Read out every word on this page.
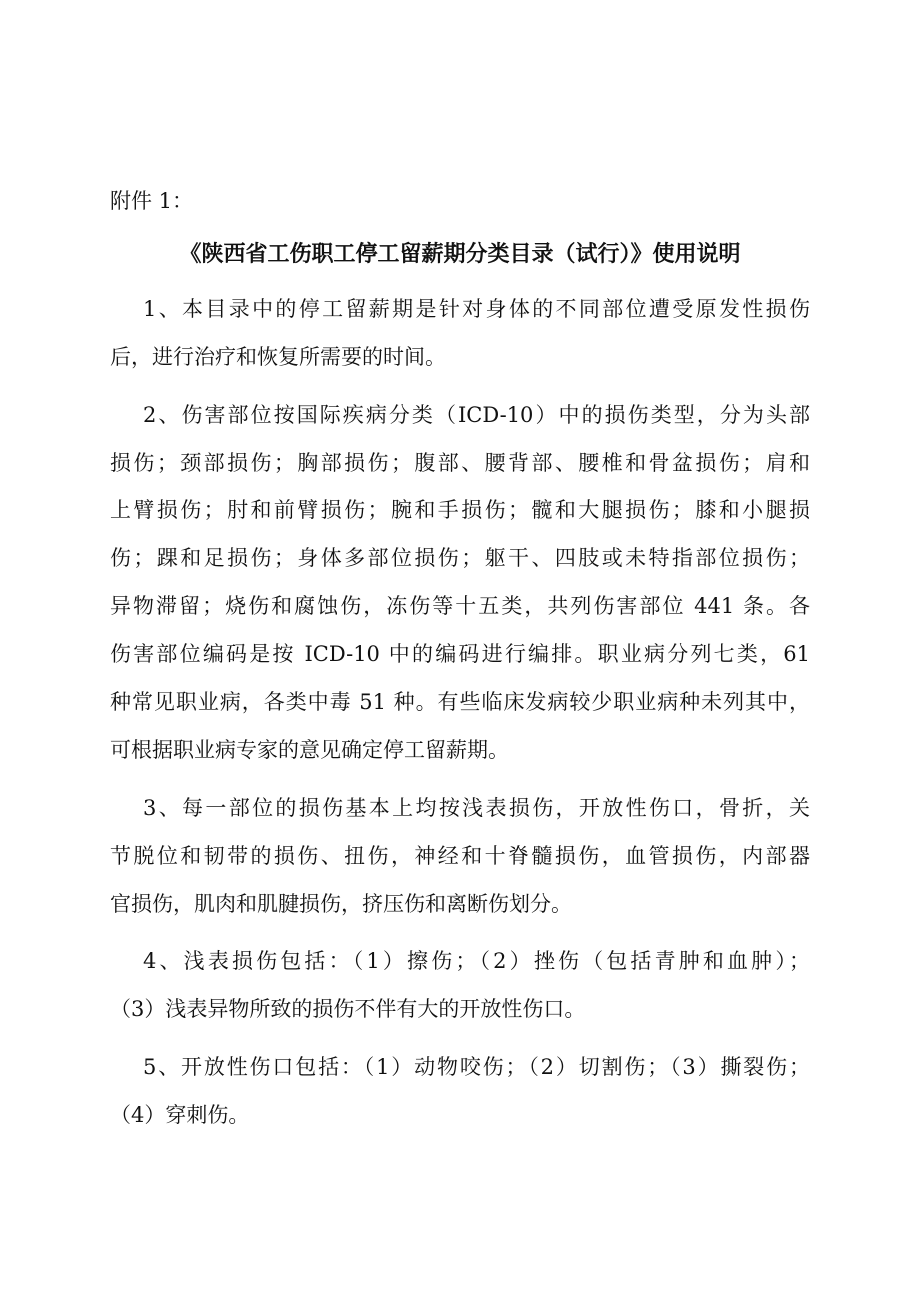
附件 1：
《陕西省工伤职工停工留薪期分类目录（试行）》使用说明
1、本目录中的停工留薪期是针对身体的不同部位遭受原发性损伤
后，进行治疗和恢复所需要的时间。
2、伤害部位按国际疾病分类（ICD-10）中的损伤类型，分为头部
损伤；颈部损伤；胸部损伤；腹部、腰背部、腰椎和骨盆损伤；肩和
上臂损伤；肘和前臂损伤；腕和手损伤；髋和大腿损伤；膝和小腿损
伤；踝和足损伤；身体多部位损伤；躯干、四肢或未特指部位损伤；
异物滞留；烧伤和腐蚀伤，冻伤等十五类，共列伤害部位 441 条。各
伤害部位编码是按 ICD-10 中的编码进行编排。职业病分列七类，61
种常见职业病，各类中毒 51 种。有些临床发病较少职业病种未列其中，
可根据职业病专家的意见确定停工留薪期。
3、每一部位的损伤基本上均按浅表损伤，开放性伤口，骨折，关
节脱位和韧带的损伤、扭伤，神经和十脊髓损伤，血管损伤，内部器
官损伤，肌肉和肌腱损伤，挤压伤和离断伤划分。
4、浅表损伤包括：（1）擦伤；（2）挫伤（包括青肿和血肿）；
（3）浅表异物所致的损伤不伴有大的开放性伤口。
5、开放性伤口包括：（1）动物咬伤；（2）切割伤；（3）撕裂伤；
（4）穿刺伤。
